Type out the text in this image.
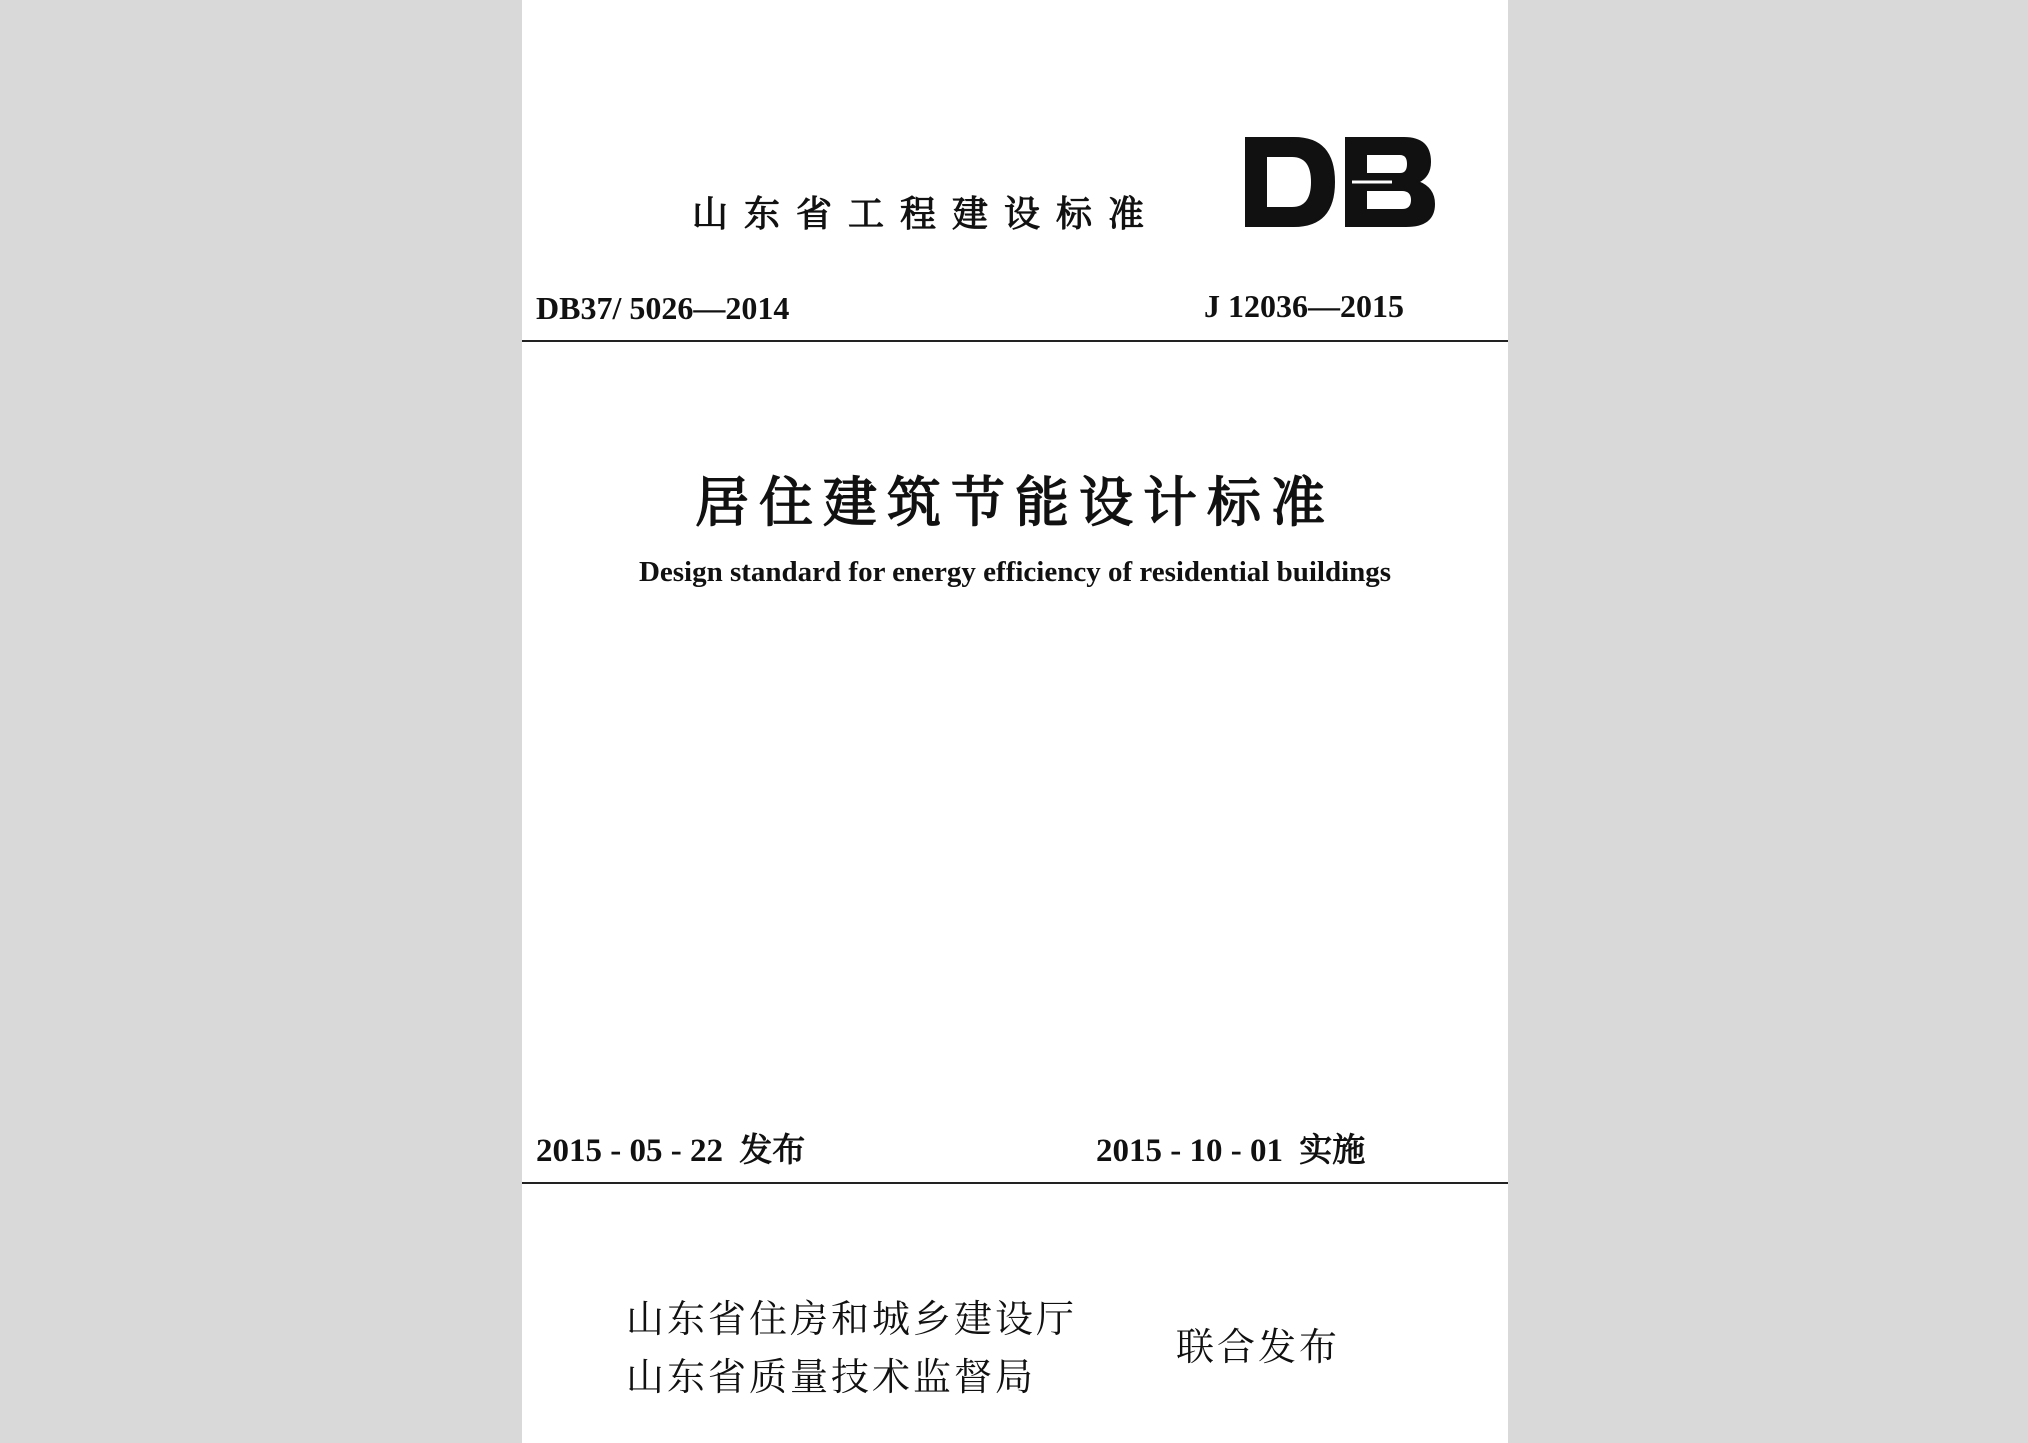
山东省工程建设标准
DB37/ 5026—2014	J 12036—2015
居住建筑节能设计标准
Design standard for energy efficiency of residential buildings
2015 - 05 - 22 发布	2015 - 10 - 01 实施
山东省住房和城乡建设厅
山东省质量技术监督局
联合发布
